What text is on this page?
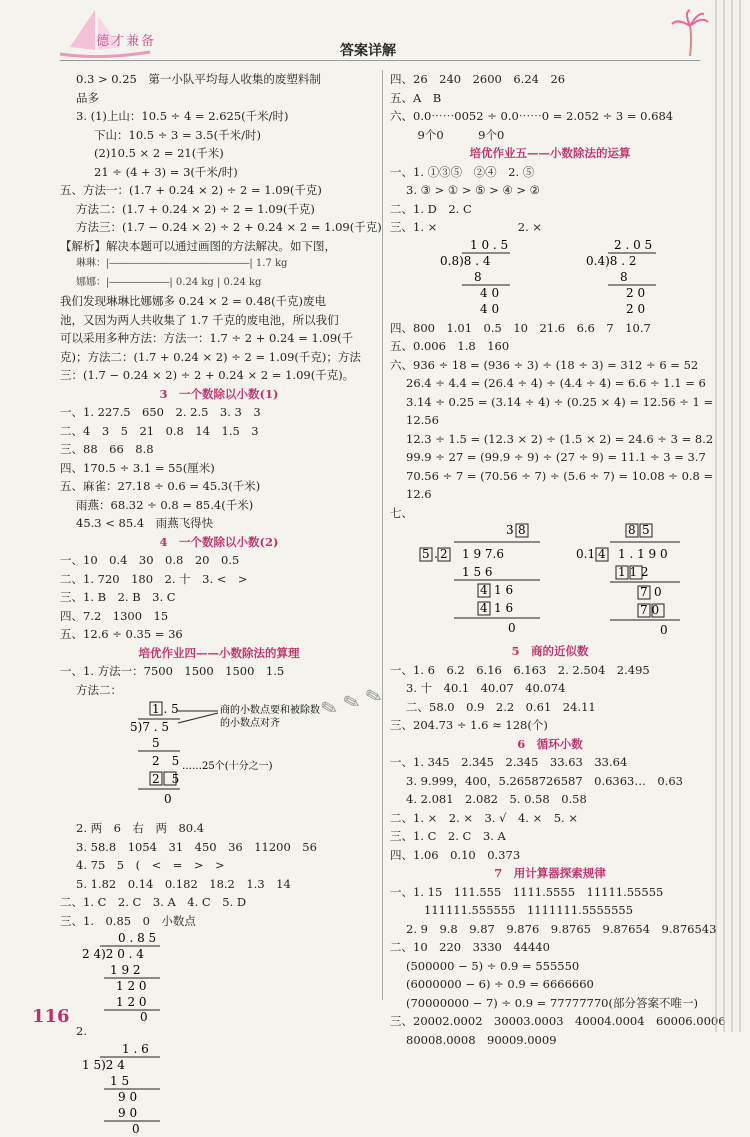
德才兼备
答案详解
0.3 > 0.25　第一小队平均每人收集的废塑料制
品多
3. (1)上山：10.5 ÷ 4 = 2.625(千米/时)
下山：10.5 ÷ 3 = 3.5(千米/时)
(2)10.5 × 2 = 21(千米)
21 ÷ (4 + 3) = 3(千米/时)
五、方法一：(1.7 + 0.24 × 2) ÷ 2 = 1.09(千克)
方法二：(1.7 + 0.24 × 2) ÷ 2 = 1.09(千克)
方法三：(1.7 − 0.24 × 2) ÷ 2 + 0.24 × 2 = 1.09(千克)
【解析】解决本题可以通过画图的方法解决。如下图，
琳琳：|――――――――――――――| 1.7 kg
娜娜：|――――――| 0.24 kg | 0.24 kg
我们发现琳琳比娜娜多 0.24 × 2 = 0.48(千克)废电
池，又因为两人共收集了 1.7 千克的废电池，所以我们
可以采用多种方法：方法一：1.7 ÷ 2 + 0.24 = 1.09(千
克)；方法二：(1.7 + 0.24 × 2) ÷ 2 = 1.09(千克)；方法
三：(1.7 − 0.24 × 2) ÷ 2 + 0.24 × 2 = 1.09(千克)。
3　一个数除以小数(1)
一、1. 227.5　650　2. 2.5　3. 3　3
二、4　3　5　21　0.8　14　1.5　3
三、88　66　8.8
四、170.5 ÷ 3.1 = 55(厘米)
五、麻雀：27.18 ÷ 0.6 = 45.3(千米)
雨燕：68.32 ÷ 0.8 = 85.4(千米)
45.3 < 85.4　雨燕飞得快
4　一个数除以小数(2)
一、10　0.4　30　0.8　20　0.5
二、1. 720　180　2. 十　3. <　>
三、1. B　2. B　3. C
四、7.2　1300　15
五、12.6 ÷ 0.35 = 36
培优作业四——小数除法的算理
一、1. 方法一：7500　1500　1500　1.5
方法二：
1 . 5
5)7 . 5
5
2　5
2　5
0
商的小数点要和被除数
的小数点对齐
……25个(十分之一)
2. 两　6　右　两　80.4
3. 58.8　1054　31　450　36　11200　56
4. 75　5　(　<　=　>　>
5. 1.82　0.14　0.182　18.2　1.3　14
二、1. C　2. C　3. A　4. C　5. D
三、1.　0.85　0　小数点
0 . 8 5
2 4)2 0 . 4
1 9 2
1 2 0
1 2 0
0
2.
1 . 6
1 5)2 4
1 5
9 0
9 0
0
四、26　240　2600　6.24　26
五、A　B
六、0.0⋯⋯0052 ÷ 0.0⋯⋯0 = 2.052 ÷ 3 = 0.684
　9个0　　　9个0
培优作业五——小数除法的运算
一、1. ①③⑤　②④　2. ⑤
3. ③ > ① > ⑤ > ④ > ②
二、1. D　2. C
三、1. ×　　　　　　　2. ×
1 0 . 5
0.8)8 . 4
8
4 0
4 0
2 . 0 5
0.4)8 . 2
8
2 0
2 0
四、800　1.01　0.5　10　21.6　6.6　7　10.7
五、0.006　1.8　160
六、936 ÷ 18 = (936 ÷ 3) ÷ (18 ÷ 3) = 312 ÷ 6 = 52
26.4 ÷ 4.4 = (26.4 ÷ 4) ÷ (4.4 ÷ 4) = 6.6 ÷ 1.1 = 6
3.14 ÷ 0.25 = (3.14 ÷ 4) ÷ (0.25 × 4) = 12.56 ÷ 1 =
12.56
12.3 ÷ 1.5 = (12.3 × 2) ÷ (1.5 × 2) = 24.6 ÷ 3 = 8.2
99.9 ÷ 27 = (99.9 ÷ 9) ÷ (27 ÷ 9) = 11.1 ÷ 3 = 3.7
70.56 ÷ 7 = (70.56 ÷ 7) ÷ (5.6 ÷ 7) = 10.08 ÷ 0.8 =
12.6
七、
3 8
5 . 2 1 9 7.6
1 5 6
4 1 6
4 1 6
0
8 5
0.1 4 1 . 1 9 0
1 1 2
7 0
7 0
0
5　商的近似数
一、1. 6　6.2　6.16　6.163　2. 2.504　2.495
3. 十　40.1　40.07　40.074
二、58.0　0.9　2.2　0.61　24.11
三、204.73 ÷ 1.6 ≈ 128(个)
6　循环小数
一、1. 345　2.345　2.345　33.63　33.64
3. 9.999，400，5.2658726587　0.6363…　0.63
4. 2.081　2.082　5. 0.58　0.58
二、1. ×　2. ×　3. √　4. ×　5. ×
三、1. C　2. C　3. A
四、1.06　0.10　0.373
7　用计算器探索规律
一、1. 15　111.555　1111.5555　11111.55555
111111.555555　1111111.5555555
2. 9　9.8　9.87　9.876　9.8765　9.87654　9.876543
二、10　220　3330　44440
(500000 − 5) ÷ 0.9 = 555550
(6000000 − 6) ÷ 0.9 = 6666660
(70000000 − 7) ÷ 0.9 = 77777770(部分答案不唯一)
三、20002.0002　30003.0003　40004.0004　60006.0006
80008.0008　90009.0009
✎ ✎ ✎
116
